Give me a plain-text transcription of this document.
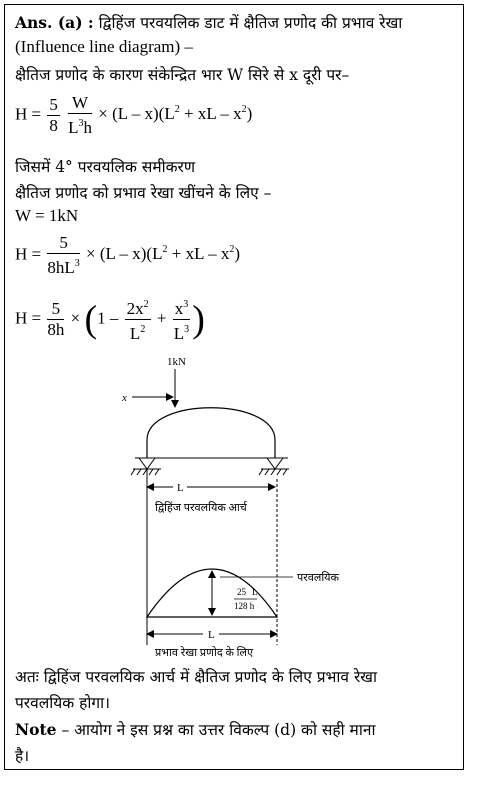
Ans. (a) : द्विहिंज परवयलिक डाट में क्षैतिज प्रणोद की प्रभाव रेखा
(Influence line diagram) –
क्षैतिज प्रणोद के कारण संकेन्द्रित भार W सिरे से x दूरी पर–
$H = \frac{5}{8}$
$\frac{W}{L^3h} \times (L - x)(L^2$ + xL – $x^2$)
जिसमें 4° परवयलिक समीकरण
क्षैतिज प्रणोद को प्रभाव रेखा खींचने के लिए –
W = 1kN
$H = \frac{5}{8hL^3} \times (L - x)(L^2$ + xL – $x^2$)
$H = \frac{5}{8h} \times (1 - \frac{2x^2}{L^2} + \frac{x^3}{L^3}$ )
1kN
x
L
द्विहिंज परवलयिक आर्च
25 L
128 h
परवलयिक
L
प्रभाव रेखा प्रणोद के लिए
अतः द्विहिंज परवलयिक आर्च में क्षैतिज प्रणोद के लिए प्रभाव रेखा
परवलयिक होगा।
Note – आयोग ने इस प्रश्न का उत्तर विकल्प (d) को सही माना
है।
